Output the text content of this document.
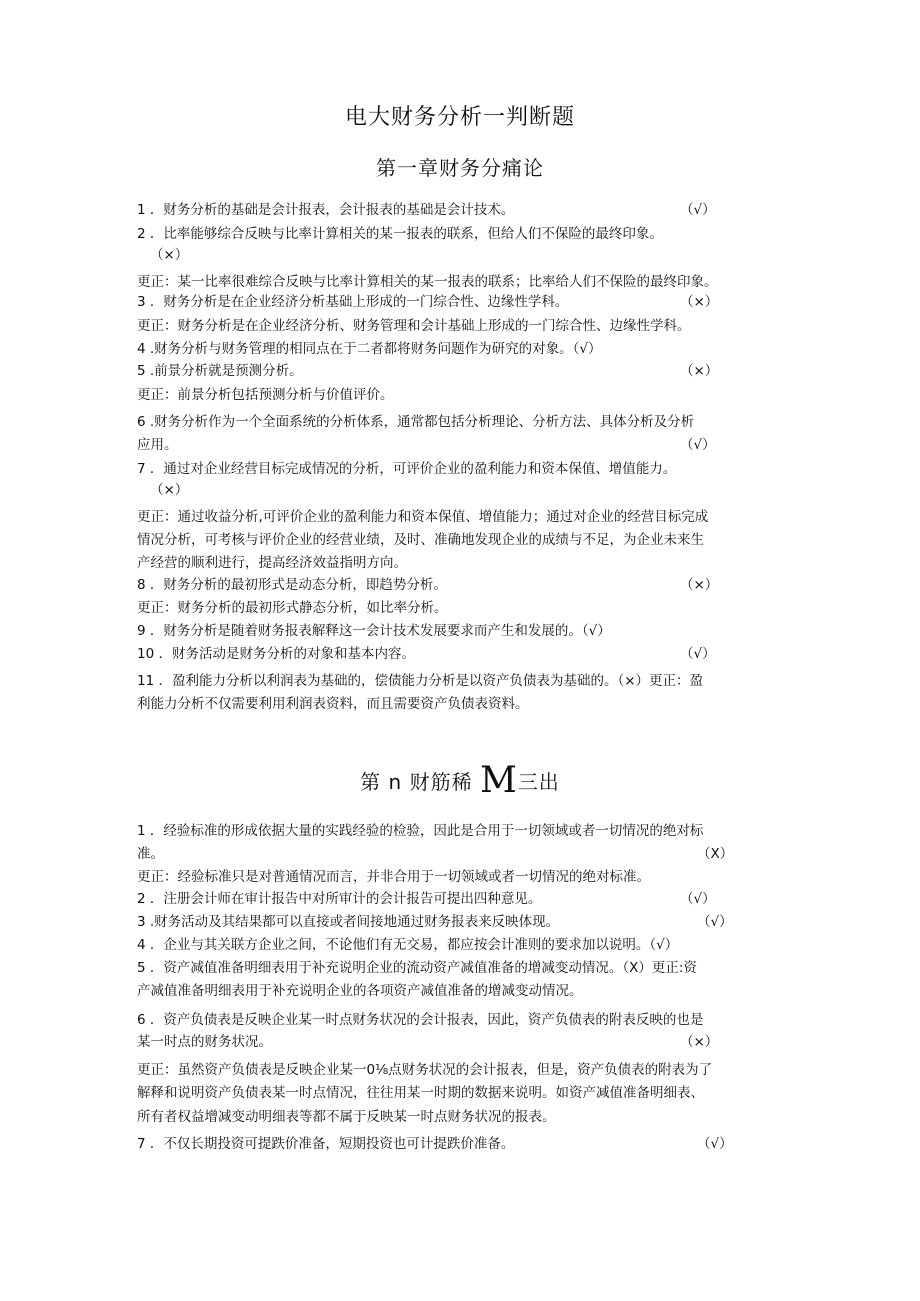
电大财务分析一判断题
第一章财务分痛论
1 ．财务分析的基础是会计报表，会计报表的基础是会计技术。	（√）
2 ．比率能够综合反映与比率计算相关的某一报表的联系，但给人们不保险的最终印象。
（×）
更正：某一比率很难综合反映与比率计算相关的某一报表的联系；比率给人们不保险的最终印象。
3 ．财务分析是在企业经济分析基础上形成的一门综合性、边缘性学科。	（×）
更正：财务分析是在企业经济分析、财务管理和会计基础上形成的一门综合性、边缘性学科。
4 .财务分析与财务管理的相同点在于二者都将财务问题作为研究的对象。（√）
5 .前景分析就是预测分析。	（×）
更正：前景分析包括预测分析与价值评价。
6 .财务分析作为一个全面系统的分析体系，通常都包括分析理论、分析方法、具体分析及分析
应用。	（√）
7 ．通过对企业经营目标完成情况的分析，可评价企业的盈利能力和资本保值、增值能力。
（×）
更正：通过收益分析,可评价企业的盈利能力和资本保值、增值能力；通过对企业的经营目标完成
情况分析，可考核与评价企业的经营业绩，及时、准确地发现企业的成绩与不足，为企业未来生
产经营的顺利进行，提高经济效益指明方向。
8 ．财务分析的最初形式是动态分析，即趋势分析。	（×）
更正：财务分析的最初形式静态分析，如比率分析。
9 ．财务分析是随着财务报表解释这一会计技术发展要求而产生和发展的。（√）
10 ．财务活动是财务分析的对象和基本内容。	（√）
11 ．盈利能力分析以利润表为基础的，偿债能力分析是以资产负债表为基础的。（×）更正：盈
利能力分析不仅需要利用利润表资料，而且需要资产负债表资料。
第 n 财筋稀 M三出
1 ．经验标准的形成依据大量的实践经验的检验，因此是合用于一切领域或者一切情况的绝对标
准。	（X）
更正：经验标准只是对普通情况而言，并非合用于一切领域或者一切情况的绝对标准。
2 ．注册会计师在审计报告中对所审计的会计报告可提出四种意见。	（√）
3 .财务活动及其结果都可以直接或者间接地通过财务报表来反映体现。	（√）
4 ．企业与其关联方企业之间，不论他们有无交易，都应按会计准则的要求加以说明。（√）
5 ．资产减值准备明细表用于补充说明企业的流动资产减值准备的增减变动情况。（X）更正:资
产减值准备明细表用于补充说明企业的各项资产减值准备的增减变动情况。
6 ．资产负债表是反映企业某一时点财务状况的会计报表，因此，资产负债表的附表反映的也是
某一时点的财务状况。	（×）
更正：虽然资产负债表是反映企业某一0⅛点财务状况的会计报表，但是，资产负债表的附表为了
解释和说明资产负债表某一时点情况，往往用某一时期的数据来说明。如资产减值准备明细表、
所有者权益增减变动明细表等都不属于反映某一时点财务状况的报表。
7 ．不仅长期投资可提跌价准备，短期投资也可计提跌价准备。	（√）
